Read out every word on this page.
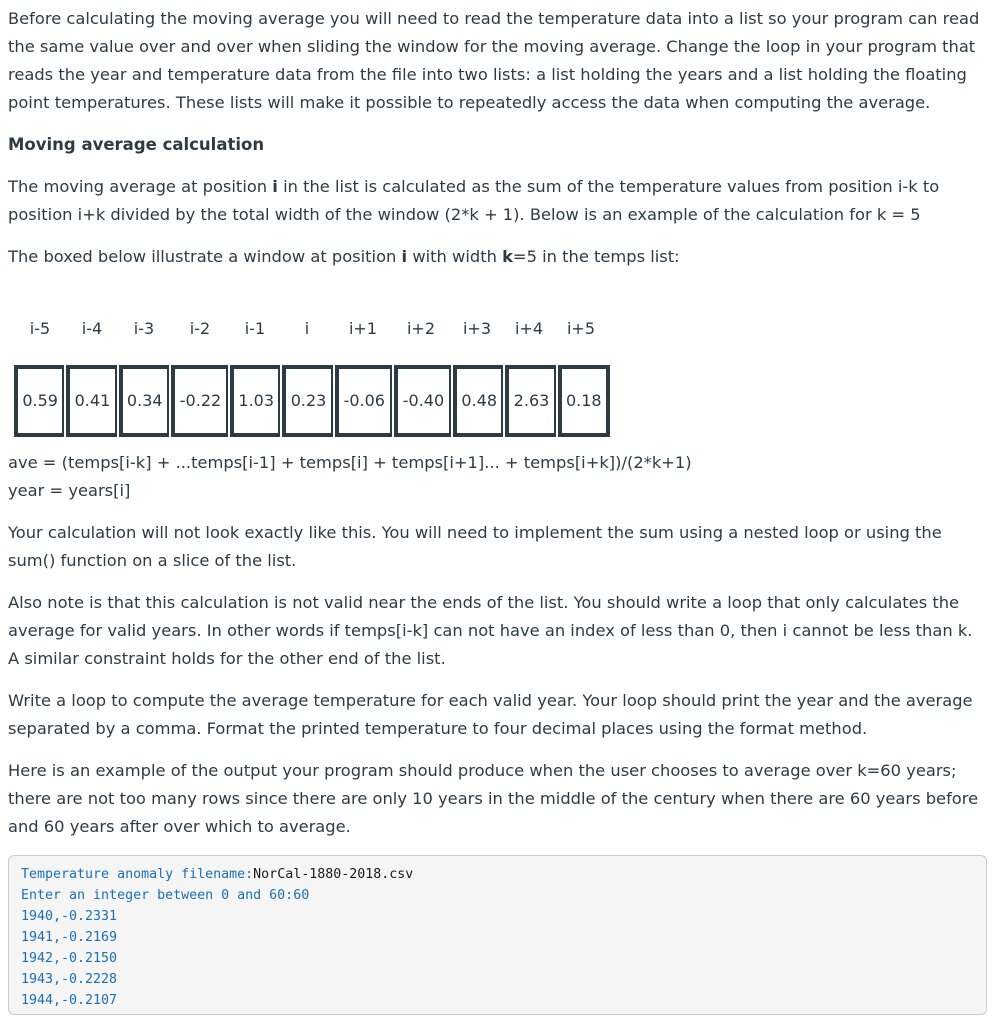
Before calculating the moving average you will need to read the temperature data into a list so your program can read the same value over and over when sliding the window for the moving average. Change the loop in your program that reads the year and temperature data from the file into two lists: a list holding the years and a list holding the floating point temperatures. These lists will make it possible to repeatedly access the data when computing the average.

Moving average calculation

The moving average at position i in the list is calculated as the sum of the temperature values from position i-k to position i+k divided by the total width of the window (2*k + 1). Below is an example of the calculation for k = 5

The boxed below illustrate a window at position i with width k=5 in the temps list:

i-5	i-4	i-3	i-2	i-1	i	i+1	i+2	i+3	i+4	i+5
0.59	0.41	0.34	-0.22	1.03	0.23	-0.06	-0.40	0.48	2.63	0.18

ave = (temps[i-k] + ...temps[i-1] + temps[i] + temps[i+1]... + temps[i+k])/(2*k+1)

year = years[i]

Your calculation will not look exactly like this. You will need to implement the sum using a nested loop or using the sum() function on a slice of the list.

Also note is that this calculation is not valid near the ends of the list. You should write a loop that only calculates the average for valid years. In other words if temps[i-k] can not have an index of less than 0, then i cannot be less than k. A similar constraint holds for the other end of the list.

Write a loop to compute the average temperature for each valid year. Your loop should print the year and the average separated by a comma. Format the printed temperature to four decimal places using the format method.

Here is an example of the output your program should produce when the user chooses to average over k=60 years; there are not too many rows since there are only 10 years in the middle of the century when there are 60 years before and 60 years after over which to average.

Temperature anomaly filename:NorCal-1880-2018.csv
Enter an integer between 0 and 60:60
1940,-0.2331
1941,-0.2169
1942,-0.2150
1943,-0.2228
1944,-0.2107
